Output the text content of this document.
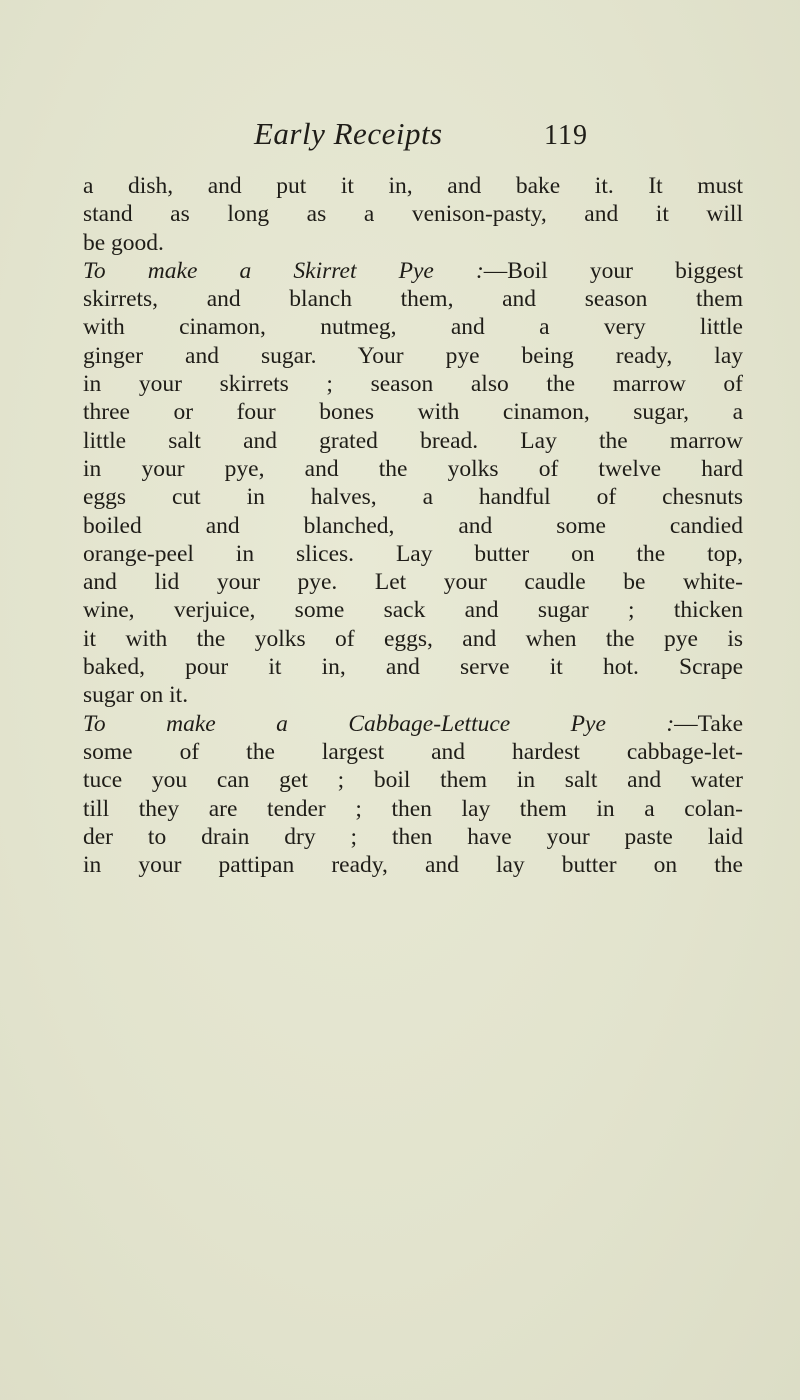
Early Receipts	119
a dish, and put it in, and bake it. It must
stand as long as a venison-pasty, and it will
be good.
To make a Skirret Pye :—Boil your biggest
skirrets, and blanch them, and season them
with cinamon, nutmeg, and a very little
ginger and sugar. Your pye being ready, lay
in your skirrets ; season also the marrow of
three or four bones with cinamon, sugar, a
little salt and grated bread. Lay the marrow
in your pye, and the yolks of twelve hard
eggs cut in halves, a handful of chesnuts
boiled and blanched, and some candied
orange-peel in slices. Lay butter on the top,
and lid your pye. Let your caudle be white-
wine, verjuice, some sack and sugar ; thicken
it with the yolks of eggs, and when the pye is
baked, pour it in, and serve it hot. Scrape
sugar on it.
To make a Cabbage-Lettuce Pye :—Take
some of the largest and hardest cabbage-let-
tuce you can get ; boil them in salt and water
till they are tender ; then lay them in a colan-
der to drain dry ; then have your paste laid
in your pattipan ready, and lay butter on the
